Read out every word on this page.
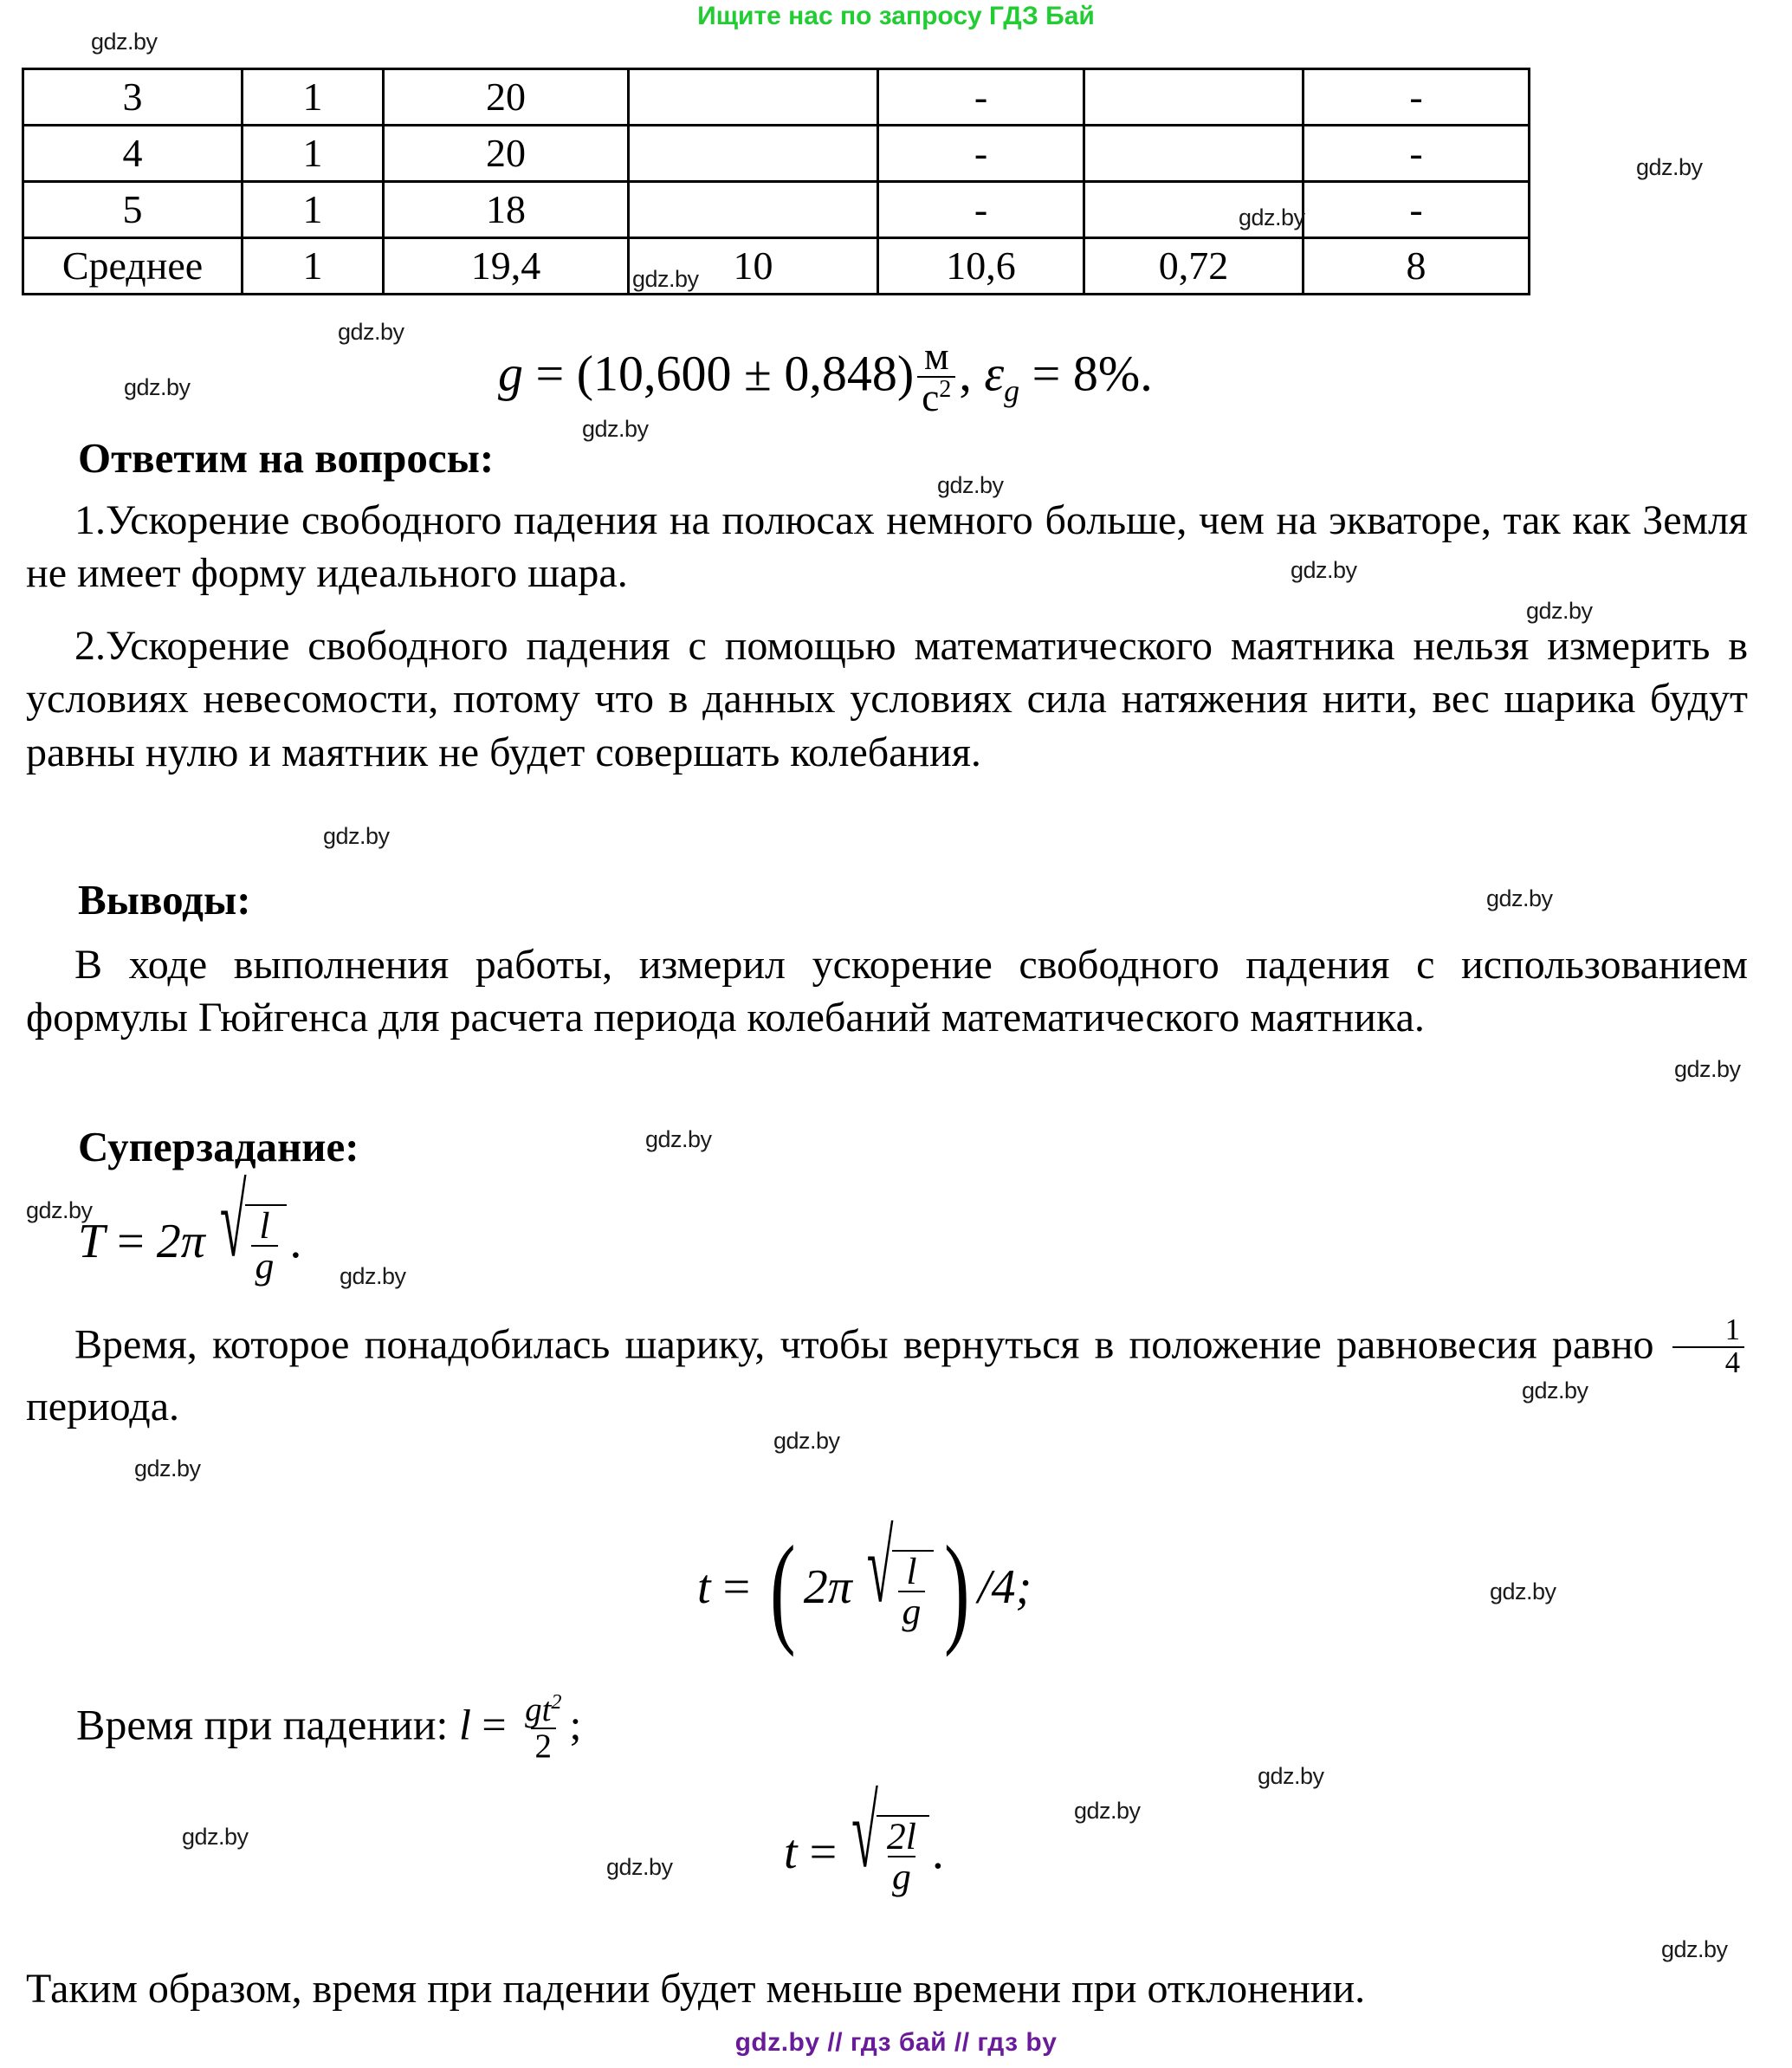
Ищите нас по запросу ГДЗ Бай
gdz.by
gdz.by
gdz.by
gdz.by
gdz.by
gdz.by
gdz.by
gdz.by
gdz.by
gdz.by
gdz.by
gdz.by
gdz.by
gdz.by
gdz.by
gdz.by
gdz.by
gdz.by
gdz.by
gdz.by
gdz.by
gdz.by
gdz.by
gdz.by
gdz.by
3	1	20		-		-
4	1	20		-		-
5	1	18		-		-
Среднее	1	19,4	10	10,6	0,72	8
$g = (10,600 \pm 0,848) \frac{м}{с^2}$ , $\varepsilon_g = 8\%$.
Ответим на вопросы:
1.Ускорение свободного падения на полюсах немного больше, чем на экваторе, так как Земля не имеет форму идеального шара.
2.Ускорение свободного падения с помощью математического маятника нельзя измерить в условиях невесомости, потому что в данных условиях сила натяжения нити, вес шарика будут равны нулю и маятник не будет совершать колебания.
Выводы:
В ходе выполнения работы, измерил ускорение свободного падения с использованием формулы Гюйгенса для расчета периода колебаний математического маятника.
Суперзадание:
T = 2π √ $\frac{l}{g}$ .
Время, которое понадобилась шарику, чтобы вернуться в положение равновесия равно $\frac{1}{4}$
периода.
t = ( 2π √ $\frac{l}{g}$ ) /4;
Время при падении: $l = \frac{gt^2}{2}$ ;
t = √ $\frac{2l}{g}$ .
Таким образом, время при падении будет меньше времени при отклонении.
gdz.by // гдз бай // гдз by
